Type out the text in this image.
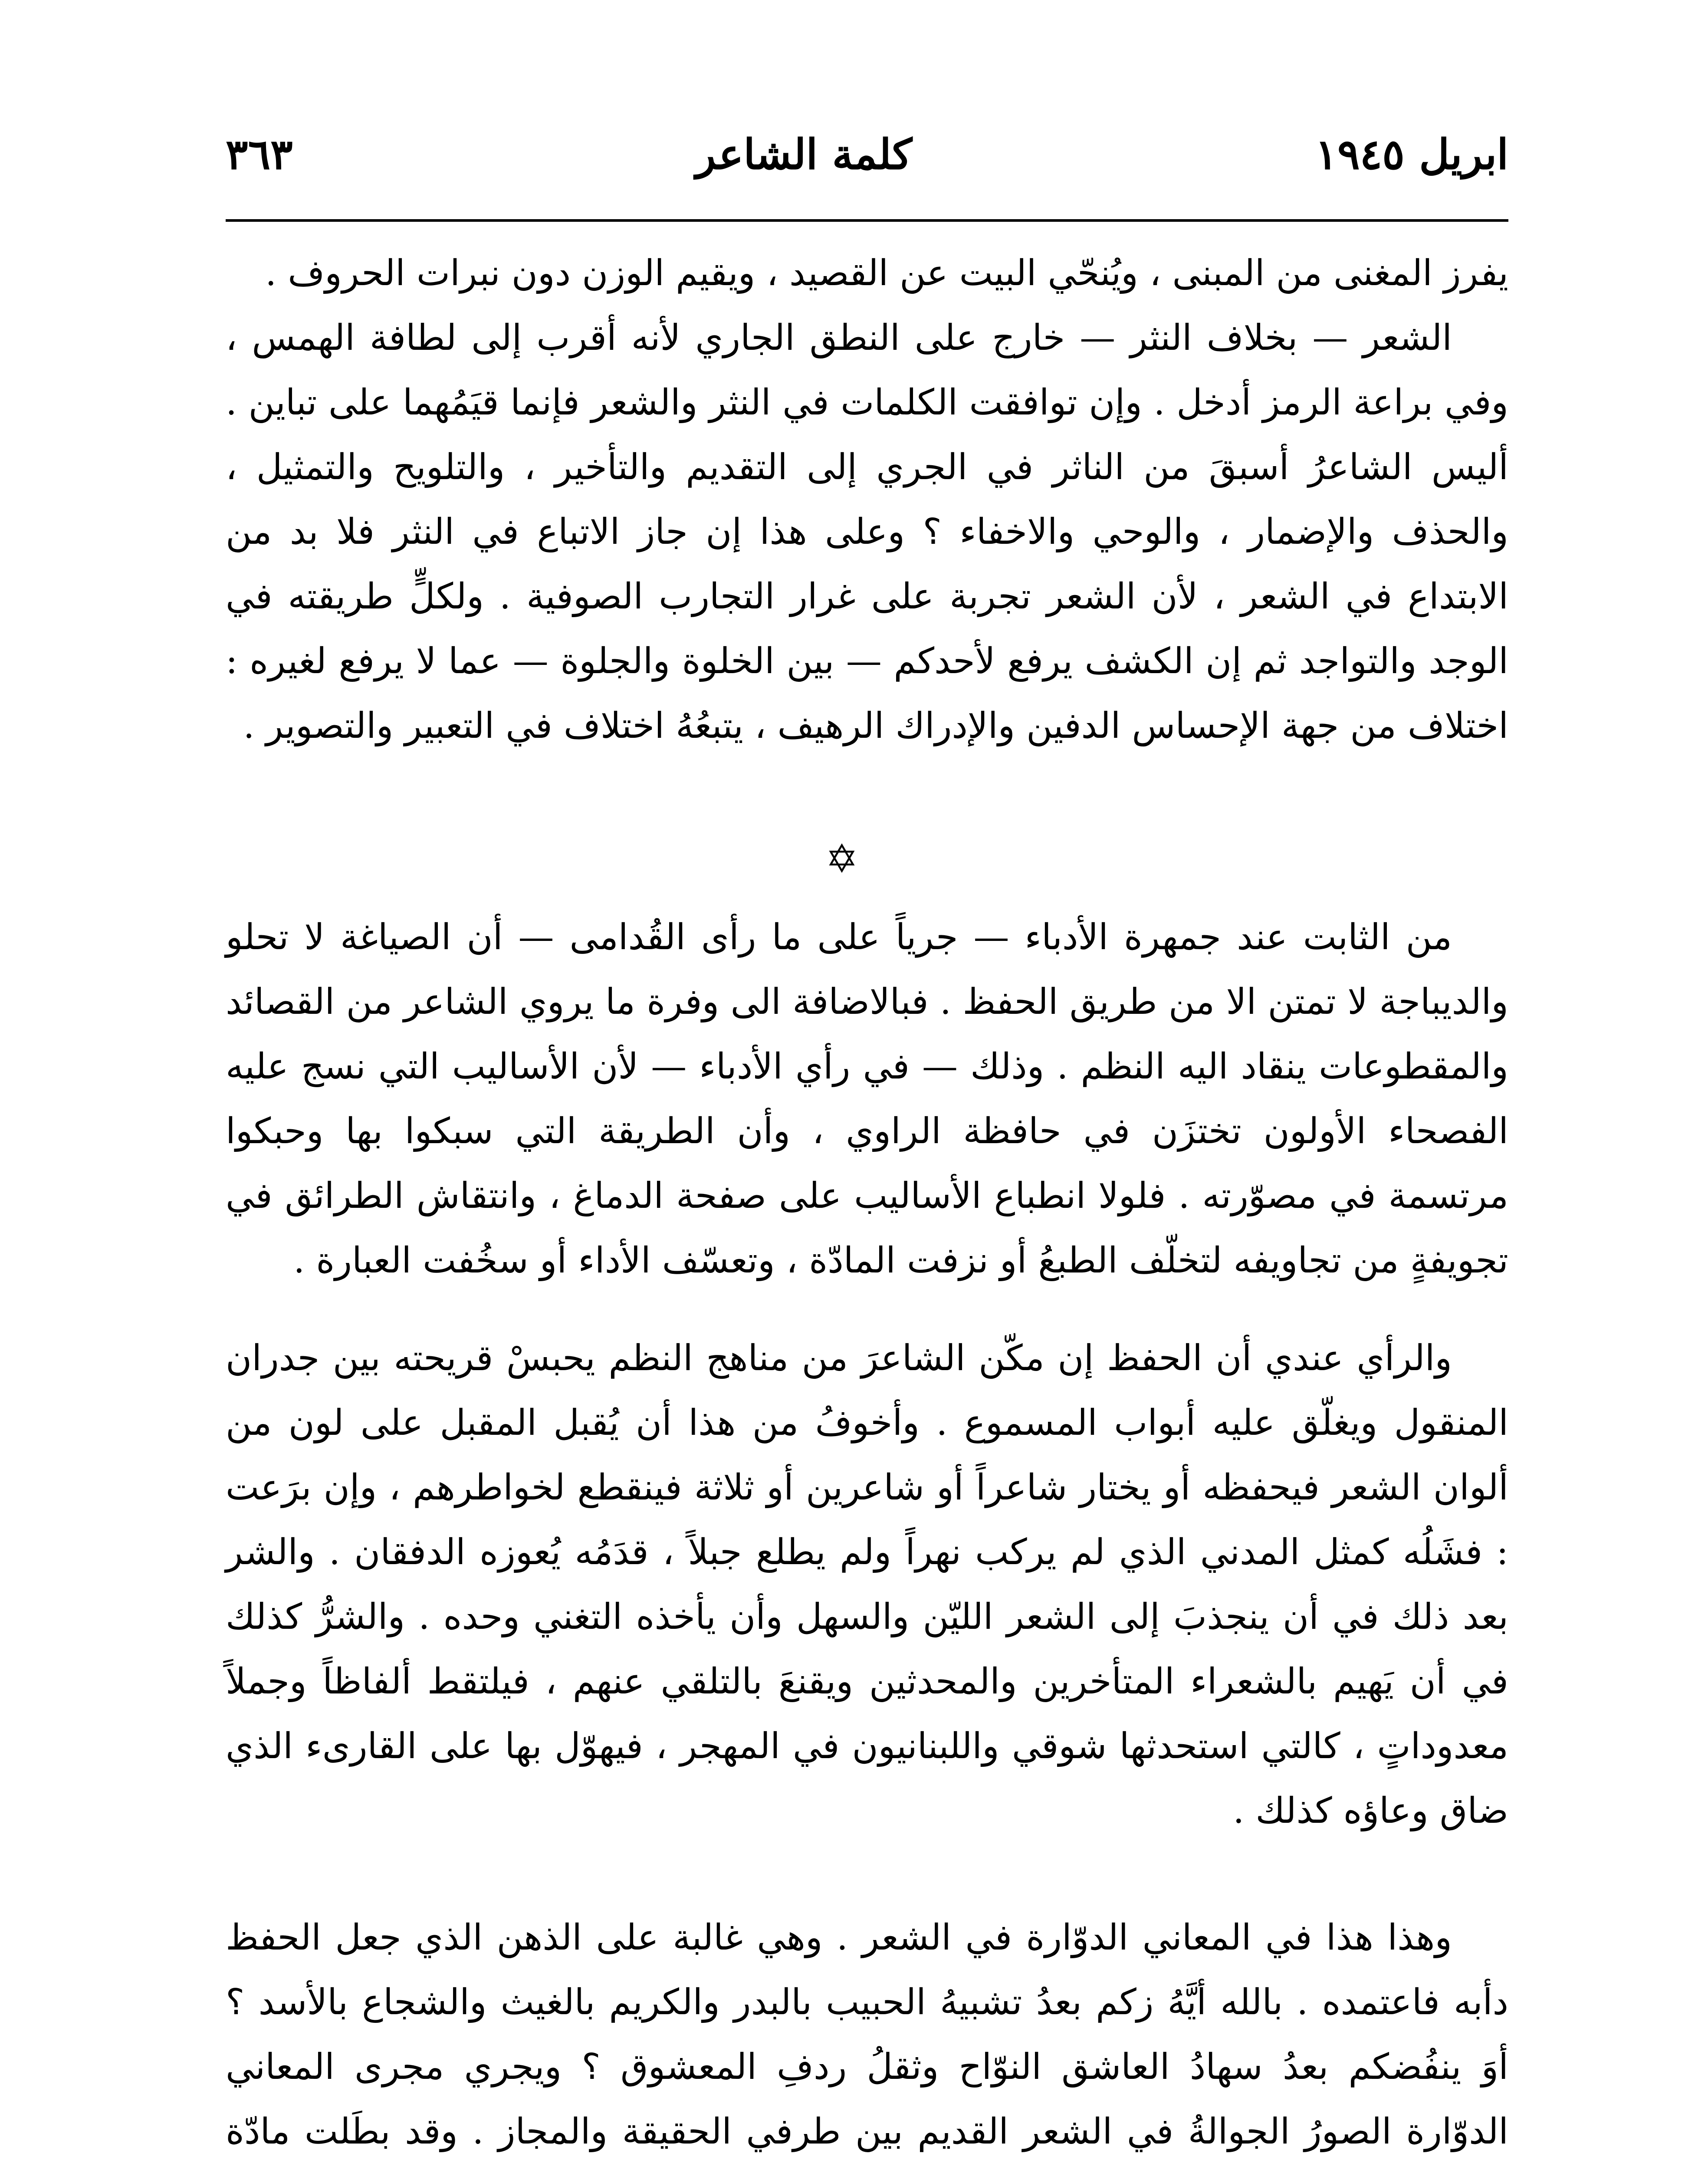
ابريل ١٩٤٥
كلمة الشاعر
٣٦٣

يفرز المغنى من المبنى ، ويُنحّي البيت عن القصيد ، ويقيم الوزن دون نبرات الحروف .

الشعر — بخلاف النثر — خارج على النطق الجاري لأنه أقرب إلى لطافة الهمس ، وفي براعة الرمز أدخل . وإن توافقت الكلمات في النثر والشعر فإنما قيَمُهما على تباين . أليس الشاعرُ أسبقَ من الناثر في الجري إلى التقديم والتأخير ، والتلويح والتمثيل ، والحذف والإضمار ، والوحي والاخفاء ؟ وعلى هذا إن جاز الاتباع في النثر فلا بد من الابتداع في الشعر ، لأن الشعر تجربة على غرار التجارب الصوفية . ولكلٍّ طريقته في الوجد والتواجد ثم إن الكشف يرفع لأحدكم — بين الخلوة والجلوة — عما لا يرفع لغيره : اختلاف من جهة الإحساس الدفين والإدراك الرهيف ، يتبعُهُ اختلاف في التعبير والتصوير .

✡

من الثابت عند جمهرة الأدباء — جرياً على ما رأى القُدامى — أن الصياغة لا تحلو والديباجة لا تمتن الا من طريق الحفظ . فبالاضافة الى وفرة ما يروي الشاعر من القصائد والمقطوعات ينقاد اليه النظم . وذلك — في رأي الأدباء — لأن الأساليب التي نسج عليه الفصحاء الأولون تختزَن في حافظة الراوي ، وأن الطريقة التي سبكوا بها وحبكوا مرتسمة في مصوّرته . فلولا انطباع الأساليب على صفحة الدماغ ، وانتقاش الطرائق في تجويفةٍ من تجاويفه لتخلّف الطبعُ أو نزفت المادّة ، وتعسّف الأداء أو سخُفت العبارة .

والرأي عندي أن الحفظ إن مكّن الشاعرَ من مناهج النظم يحبسْ قريحته بين جدران المنقول ويغلّق عليه أبواب المسموع . وأخوفُ من هذا أن يُقبل المقبل على لون من ألوان الشعر فيحفظه أو يختار شاعراً أو شاعرين أو ثلاثة فينقطع لخواطرهم ، وإن برَعت : فشَلُه كمثل المدني الذي لم يركب نهراً ولم يطلع جبلاً ، قدَمُه يُعوزه الدفقان . والشر بعد ذلك في أن ينجذبَ إلى الشعر الليّن والسهل وأن يأخذه التغني وحده . والشرُّ كذلك في أن يَهيم بالشعراء المتأخرين والمحدثين ويقنعَ بالتلقي عنهم ، فيلتقط ألفاظاً وجملاً معدوداتٍ ، كالتي استحدثها شوقي واللبنانيون في المهجر ، فيهوّل بها على القارىء الذي ضاق وعاؤه كذلك .

وهذا هذا في المعاني الدوّارة في الشعر . وهي غالبة على الذهن الذي جعل الحفظ دأبه فاعتمده . بالله أيَّهُ زكم بعدُ تشبيهُ الحبيب بالبدر والكريم بالغيث والشجاع بالأسد ؟ أوَ ينفُضكم بعدُ سهادُ العاشق النوّاح وثقلُ ردفِ المعشوق ؟ ويجري مجرى المعاني الدوّارة الصورُ الجوالةُ في الشعر القديم بين طرفي الحقيقة والمجاز . وقد بطَلت مادّة
